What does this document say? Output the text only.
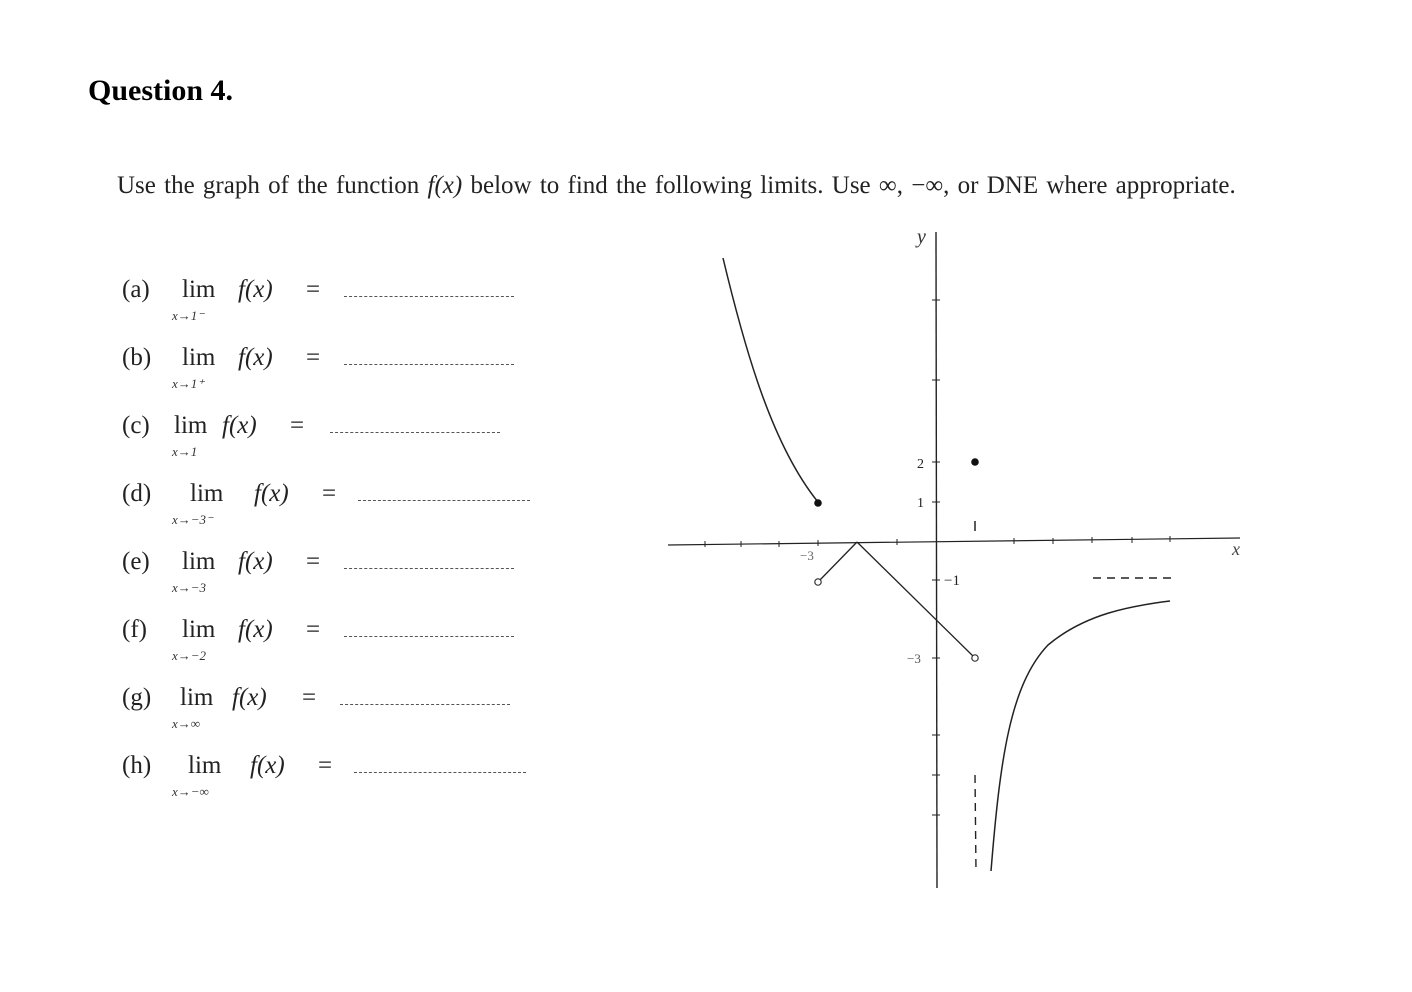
Question 4.
Use the graph of the function f(x) below to find the following limits. Use ∞, −∞, or DNE where appropriate.
(a) lim
x→1⁻
f(x) =
(b) lim
x→1⁺
f(x) =
(c) lim
x→1
f(x) =
(d) lim
x→−3⁻
f(x) =
(e) lim
x→−3
f(x) =
(f) lim
x→−2
f(x) =
(g) lim
x→∞
f(x) =
(h) lim
x→−∞
f(x) =
y
x
2
1
−1
−3
−3
